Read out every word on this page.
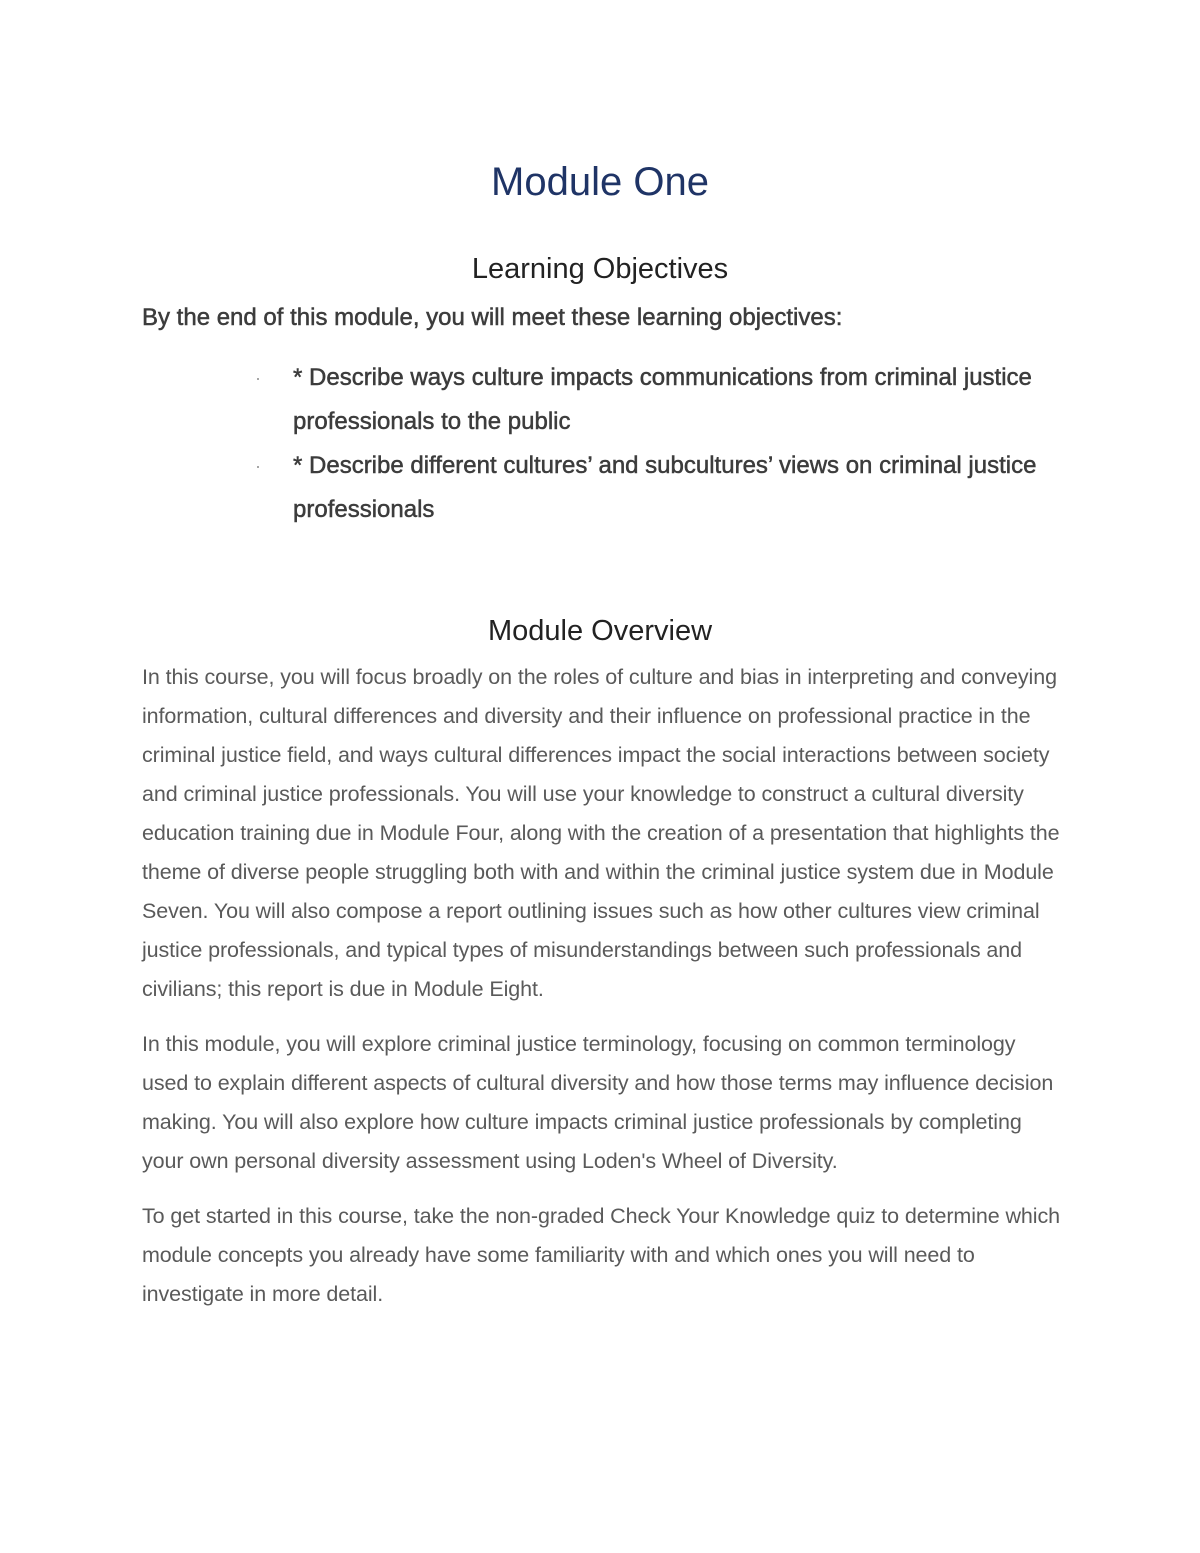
Module One
Learning Objectives

By the end of this module, you will meet these learning objectives:

* Describe ways culture impacts communications from criminal justice professionals to the public
* Describe different cultures’ and subcultures’ views on criminal justice professionals
Module Overview

In this course, you will focus broadly on the roles of culture and bias in interpreting and conveying information, cultural differences and diversity and their influence on professional practice in the criminal justice field, and ways cultural differences impact the social interactions between society and criminal justice professionals. You will use your knowledge to construct a cultural diversity education training due in Module Four, along with the creation of a presentation that highlights the theme of diverse people struggling both with and within the criminal justice system due in Module Seven. You will also compose a report outlining issues such as how other cultures view criminal justice professionals, and typical types of misunderstandings between such professionals and civilians; this report is due in Module Eight.

In this module, you will explore criminal justice terminology, focusing on common terminology used to explain different aspects of cultural diversity and how those terms may influence decision making. You will also explore how culture impacts criminal justice professionals by completing your own personal diversity assessment using Loden's Wheel of Diversity.

To get started in this course, take the non-graded Check Your Knowledge quiz to determine which module concepts you already have some familiarity with and which ones you will need to investigate in more detail.
